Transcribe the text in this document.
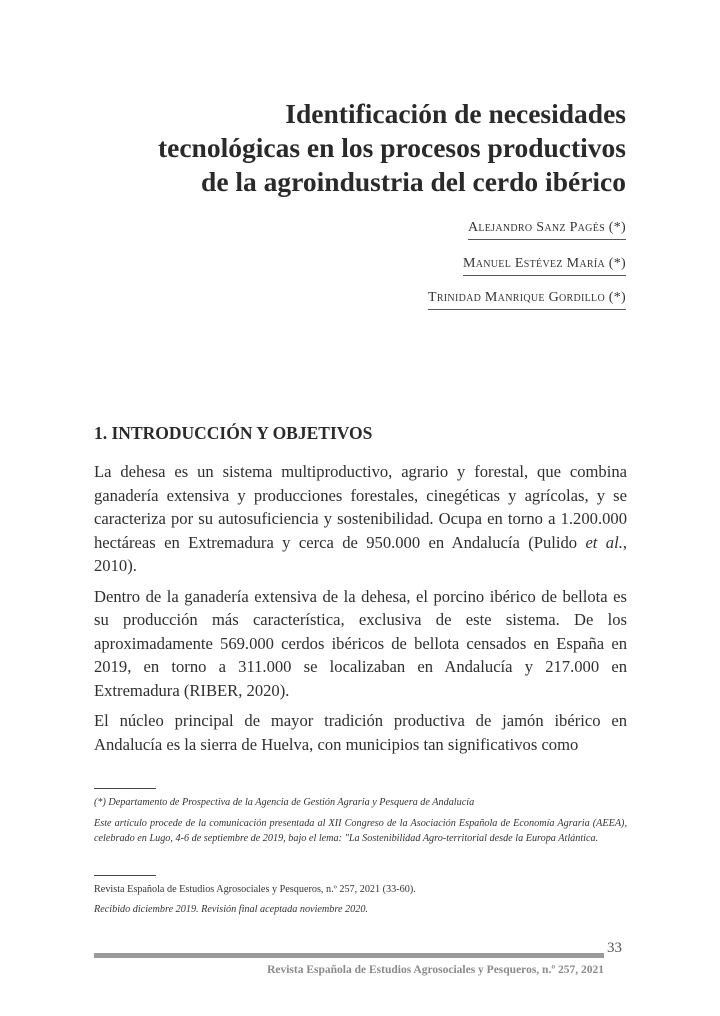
Identificación de necesidades
tecnológicas en los procesos productivos
de la agroindustria del cerdo ibérico
Alejandro Sanz Pagés (*)
Manuel Estévez María (*)
Trinidad Manrique Gordillo (*)
1. INTRODUCCIÓN Y OBJETIVOS

La dehesa es un sistema multiproductivo, agrario y forestal, que combina ganadería extensiva y producciones forestales, cinegéticas y agrícolas, y se caracteriza por su autosuficiencia y sostenibilidad. Ocupa en torno a 1.200.000 hectáreas en Extremadura y cerca de 950.000 en Andalucía (Pulido et al., 2010).

Dentro de la ganadería extensiva de la dehesa, el porcino ibérico de bellota es su producción más característica, exclusiva de este sistema. De los aproximadamente 569.000 cerdos ibéricos de bellota censados en España en 2019, en torno a 311.000 se localizaban en Andalucía y 217.000 en Extremadura (RIBER, 2020).

El núcleo principal de mayor tradición productiva de jamón ibérico en Andalucía es la sierra de Huelva, con municipios tan significativos como

(*) Departamento de Prospectiva de la Agencia de Gestión Agraria y Pesquera de Andalucía

Este artículo procede de la comunicación presentada al XII Congreso de la Asociación Española de Economía Agraria (AEEA), celebrado en Lugo, 4-6 de septiembre de 2019, bajo el lema: "La Sostenibilidad Agro-territorial desde la Europa Atlántica.

Revista Española de Estudios Agrosociales y Pesqueros, n.º 257, 2021 (33-60).

Recibido diciembre 2019. Revisión final aceptada noviembre 2020.

33
Revista Española de Estudios Agrosociales y Pesqueros, n.º 257, 2021
